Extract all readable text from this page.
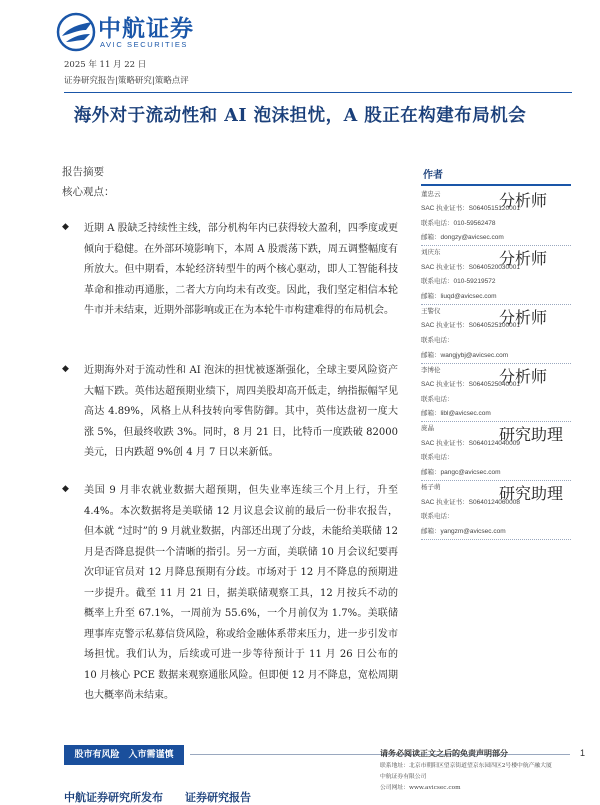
中航证券
AVIC SECURITIES
2025 年 11 月 22 日
证券研究报告|策略研究|策略点评
海外对于流动性和 AI 泡沫担忧，A 股正在构建布局机会
报告摘要
核心观点：
◆ 近期 A 股缺乏持续性主线，部分机构年内已获得较大盈利，四季度或更倾向于稳健。在外部环境影响下，本周 A 股震荡下跌，周五调整幅度有所放大。但中期看，本轮经济转型牛的两个核心驱动，即人工智能科技革命和推动再通胀，二者大方向均未有改变。因此，我们坚定相信本轮牛市并未结束，近期外部影响或正在为本轮牛市构建难得的布局机会。
◆ 近期海外对于流动性和 AI 泡沫的担忧被逐渐强化，全球主要风险资产大幅下跌。英伟达超预期业绩下，周四美股却高开低走，纳指振幅罕见高达 4.89%，风格上从科技转向零售防御。其中，英伟达盘初一度大涨 5%，但最终收跌 3%。同时，8 月 21 日，比特币一度跌破 82000 美元，日内跌超 9%创 4 月 7 日以来新低。
◆ 美国 9 月非农就业数据大超预期，但失业率连续三个月上行，升至 4.4%。本次数据将是美联储 12 月议息会议前的最后一份非农报告，但本就 “过时”的 9 月就业数据，内部还出现了分歧，未能给美联储 12 月是否降息提供一个清晰的指引。另一方面，美联储 10 月会议纪要再次印证官员对 12 月降息预期有分歧。市场对于 12 月不降息的预期进一步提升。截至 11 月 21 日，据美联储观察工具，12 月按兵不动的概率上升至 67.1%，一周前为 55.6%，一个月前仅为 1.7%。美联储理事库克警示私募信贷风险，称或给金融体系带来压力，进一步引发市场担忧。我们认为，后续或可进一步等待预计于 11 月 26 日公布的 10 月核心 PCE 数据来观察通胀风险。但即便 12 月不降息，宽松周期也大概率尚未结束。
作者
董忠云	分析师
SAC 执业证书：S0640515120001
联系电话：010-59562478
邮箱：dongzy@avicsec.com
刘庆东	分析师
SAC 执业证书：S0640520030001
联系电话：010-59219572
邮箱：liuqd@avicsec.com
王警仪	分析师
SAC 执业证书：S0640525100001
联系电话：
邮箱：wangjybj@avicsec.com
李博伦	分析师
SAC 执业证书：S0640525040001
联系电话：
邮箱：libl@avicsec.com
庞晶	研究助理
SAC 执业证书：S0640124040009
联系电话：
邮箱：pangc@avicsec.com
杨子萌	研究助理
SAC 执业证书：S0640124060008
联系电话：
邮箱：yangzm@avicsec.com
股市有风险　入市需谨慎	请务必阅读正文之后的免责声明部分	1
联系地址：北京市朝阳区望京街道望京东园四区2号楼中航产融大厦
中航证券有限公司
公司网址：www.avicsec.com
中航证券研究所发布　　证券研究报告
